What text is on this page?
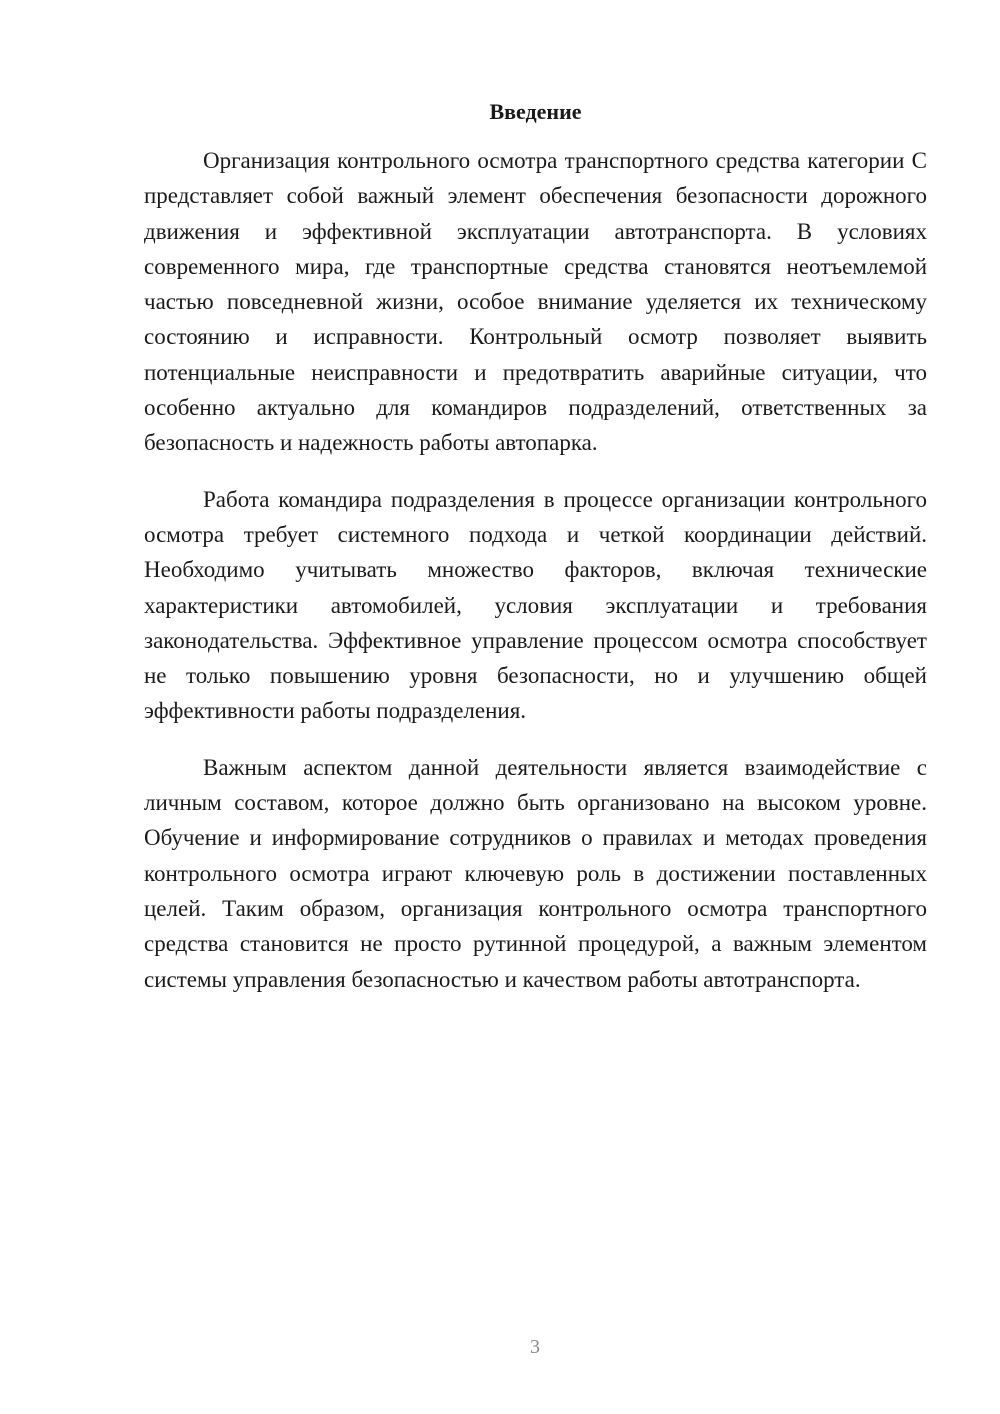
Введение

Организация контрольного осмотра транспортного средства категории C представляет собой важный элемент обеспечения безопасности дорожного движения и эффективной эксплуатации автотранспорта. В условиях современного мира, где транспортные средства становятся неотъемлемой частью повседневной жизни, особое внимание уделяется их техническому состоянию и исправности. Контрольный осмотр позволяет выявить потенциальные неисправности и предотвратить аварийные ситуации, что особенно актуально для командиров подразделений, ответственных за безопасность и надежность работы автопарка.

Работа командира подразделения в процессе организации контрольного осмотра требует системного подхода и четкой координации действий. Необходимо учитывать множество факторов, включая технические характеристики автомобилей, условия эксплуатации и требования законодательства. Эффективное управление процессом осмотра способствует не только повышению уровня безопасности, но и улучшению общей эффективности работы подразделения.

Важным аспектом данной деятельности является взаимодействие с личным составом, которое должно быть организовано на высоком уровне. Обучение и информирование сотрудников о правилах и методах проведения контрольного осмотра играют ключевую роль в достижении поставленных целей. Таким образом, организация контрольного осмотра транспортного средства становится не просто рутинной процедурой, а важным элементом системы управления безопасностью и качеством работы автотранспорта.

3
